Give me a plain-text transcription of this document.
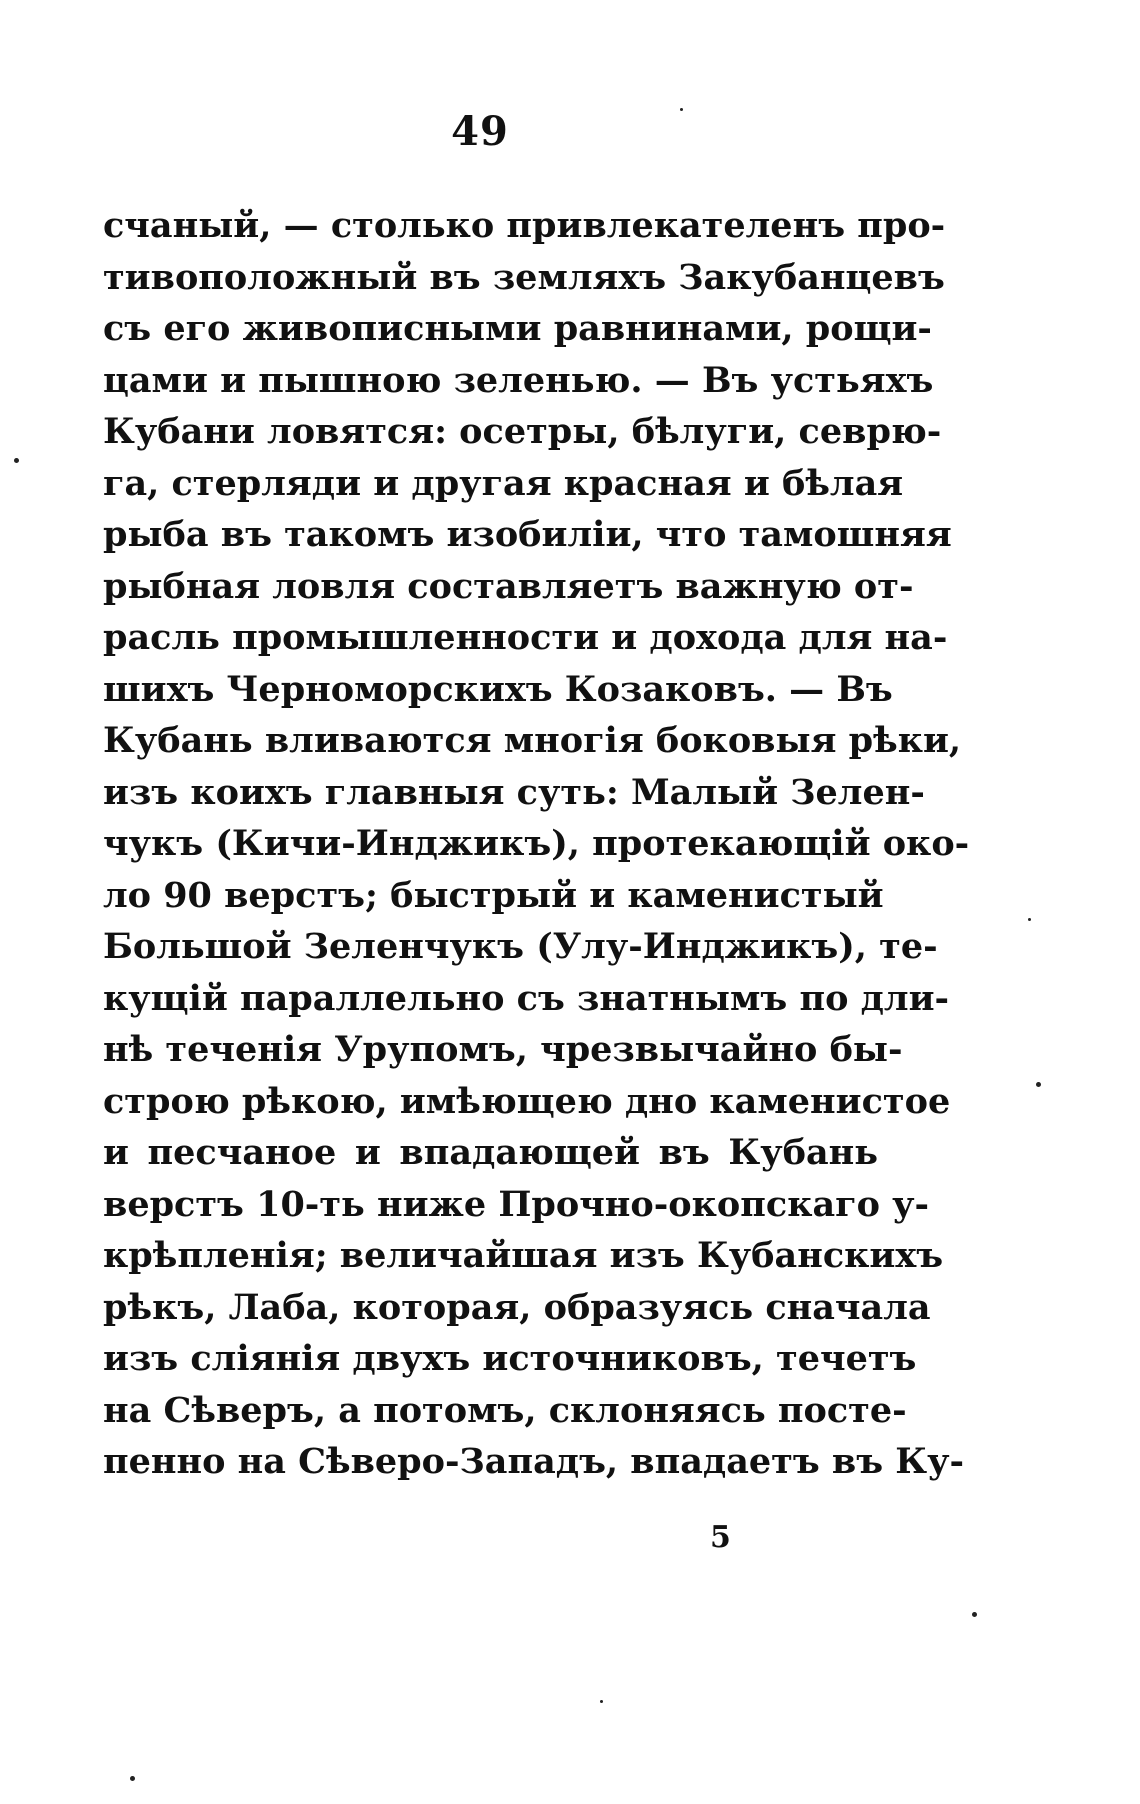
49
счаный, — столько привлекателенъ про-
тивоположный въ земляхъ Закубанцевъ
съ его живописными равнинами, рощи-
цами и пышною зеленью. — Въ устьяхъ
Кубани ловятся: осетры, бѣлуги, севрю-
га, стерляди и другая красная и бѣлая
рыба въ такомъ изобиліи, что тамошняя
рыбная ловля составляетъ важную от-
расль промышленности и дохода для на-
шихъ Черноморскихъ Козаковъ. — Въ
Кубань вливаются многія боковыя рѣки,
изъ коихъ главныя суть: Малый Зелен-
чукъ (Кичи-Инджикъ), протекающій око-
ло 90 верстъ; быстрый и каменистый
Большой Зеленчукъ (Улу-Инджикъ), те-
кущій параллельно съ знатнымъ по дли-
нѣ теченія Урупомъ, чрезвычайно бы-
строю рѣкою, имѣющею дно каменистое
и песчаное и впадающей въ Кубань
верстъ 10-ть ниже Прочно-окопскаго у-
крѣпленія; величайшая изъ Кубанскихъ
рѣкъ, Лаба, которая, образуясь сначала
изъ сліянія двухъ источниковъ, течетъ
на Сѣверъ, а потомъ, склоняясь посте-
пенно на Сѣверо-Западъ, впадаетъ въ Ку-
5
